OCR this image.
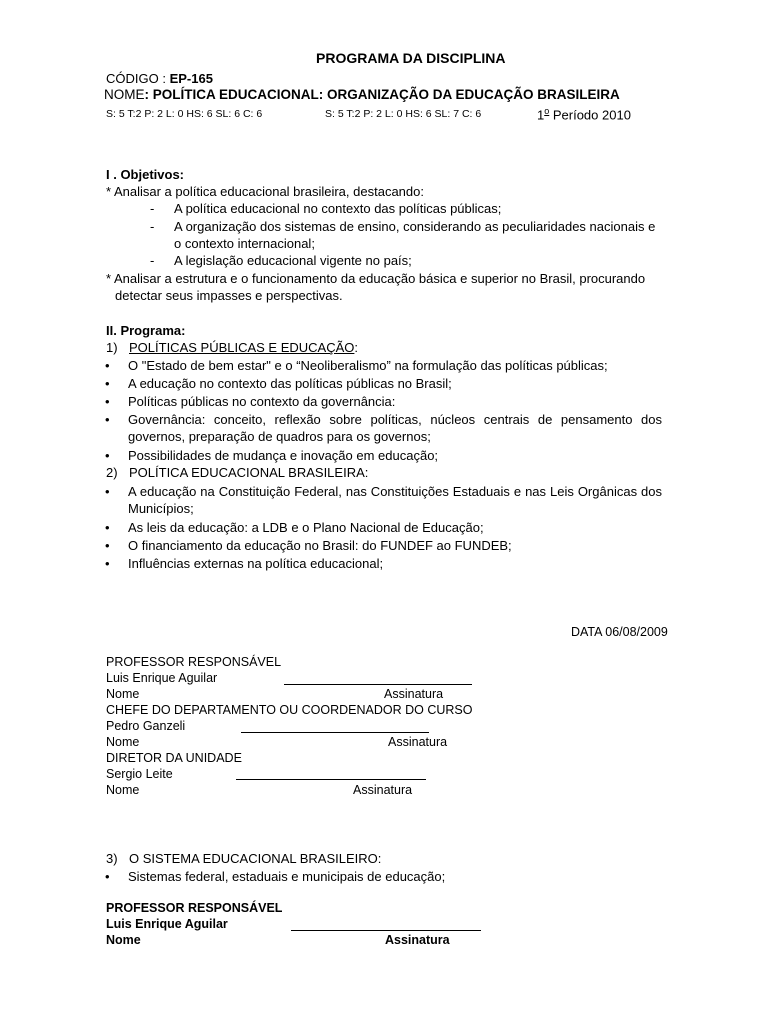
PROGRAMA DA DISCIPLINA
CÓDIGO : EP-165
NOME: POLÍTICA EDUCACIONAL: ORGANIZAÇÃO DA EDUCAÇÃO BRASILEIRA
S: 5 T:2 P: 2 L: 0 HS: 6 SL: 6 C: 6	S: 5 T:2 P: 2 L: 0 HS: 6 SL: 7 C: 6	1$^o$ Período 2010
I . Objetivos:
* Analisar a política educacional brasileira, destacando:
- A política educacional no contexto das políticas públicas;
- A organização dos sistemas de ensino, considerando as peculiaridades nacionais e o contexto internacional;
- A legislação educacional vigente no país;
* Analisar a estrutura e o funcionamento da educação básica e superior no Brasil, procurando
detectar seus impasses e perspectivas.
II. Programa:
1) POLÍTICAS PÚBLICAS E EDUCAÇÃO:
• O "Estado de bem estar" e o “Neoliberalismo” na formulação das políticas públicas;
• A educação no contexto das políticas públicas no Brasil;
• Políticas públicas no contexto da governância:
• Governância: conceito, reflexão sobre políticas, núcleos centrais de pensamento dos governos, preparação de quadros para os governos;
• Possibilidades de mudança e inovação em educação;
2) POLÍTICA EDUCACIONAL BRASILEIRA:
• A educação na Constituição Federal, nas Constituições Estaduais e nas Leis Orgânicas dos Municípios;
• As leis da educação: a LDB e o Plano Nacional de Educação;
• O financiamento da educação no Brasil: do FUNDEF ao FUNDEB;
• Influências externas na política educacional;
DATA 06/08/2009
PROFESSOR RESPONSÁVEL
Luis Enrique Aguilar
Nome	Assinatura
CHEFE DO DEPARTAMENTO OU COORDENADOR DO CURSO
Pedro Ganzeli
Nome	Assinatura
DIRETOR DA UNIDADE
Sergio Leite
Nome	Assinatura
3) O SISTEMA EDUCACIONAL BRASILEIRO:
• Sistemas federal, estaduais e municipais de educação;
PROFESSOR RESPONSÁVEL
Luis Enrique Aguilar
Nome	Assinatura
